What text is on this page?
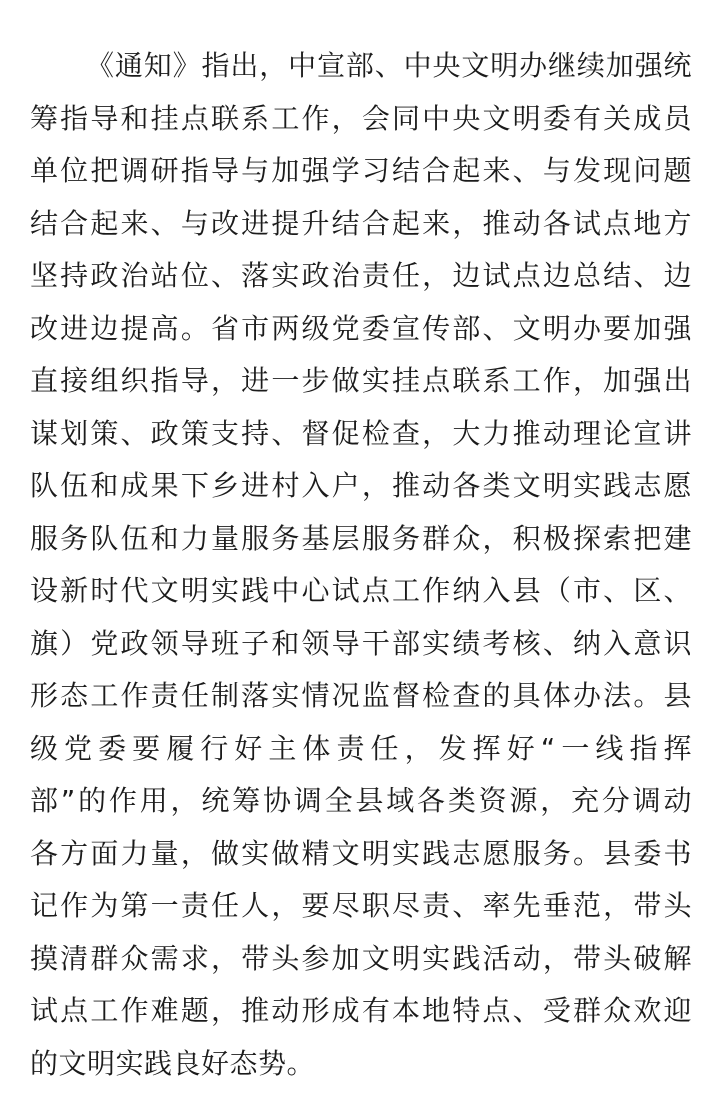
《通知》指出，中宣部、中央文明办继续加强统
筹指导和挂点联系工作，会同中央文明委有关成员
单位把调研指导与加强学习结合起来、与发现问题
结合起来、与改进提升结合起来，推动各试点地方
坚持政治站位、落实政治责任，边试点边总结、边
改进边提高。省市两级党委宣传部、文明办要加强
直接组织指导，进一步做实挂点联系工作，加强出
谋划策、政策支持、督促检查，大力推动理论宣讲
队伍和成果下乡进村入户，推动各类文明实践志愿
服务队伍和力量服务基层服务群众，积极探索把建
设新时代文明实践中心试点工作纳入县（市、区、
旗）党政领导班子和领导干部实绩考核、纳入意识
形态工作责任制落实情况监督检查的具体办法。县
级党委要履行好主体责任，发挥好“一线指挥
部”的作用，统筹协调全县域各类资源，充分调动
各方面力量，做实做精文明实践志愿服务。县委书
记作为第一责任人，要尽职尽责、率先垂范，带头
摸清群众需求，带头参加文明实践活动，带头破解
试点工作难题，推动形成有本地特点、受群众欢迎
的文明实践良好态势。
